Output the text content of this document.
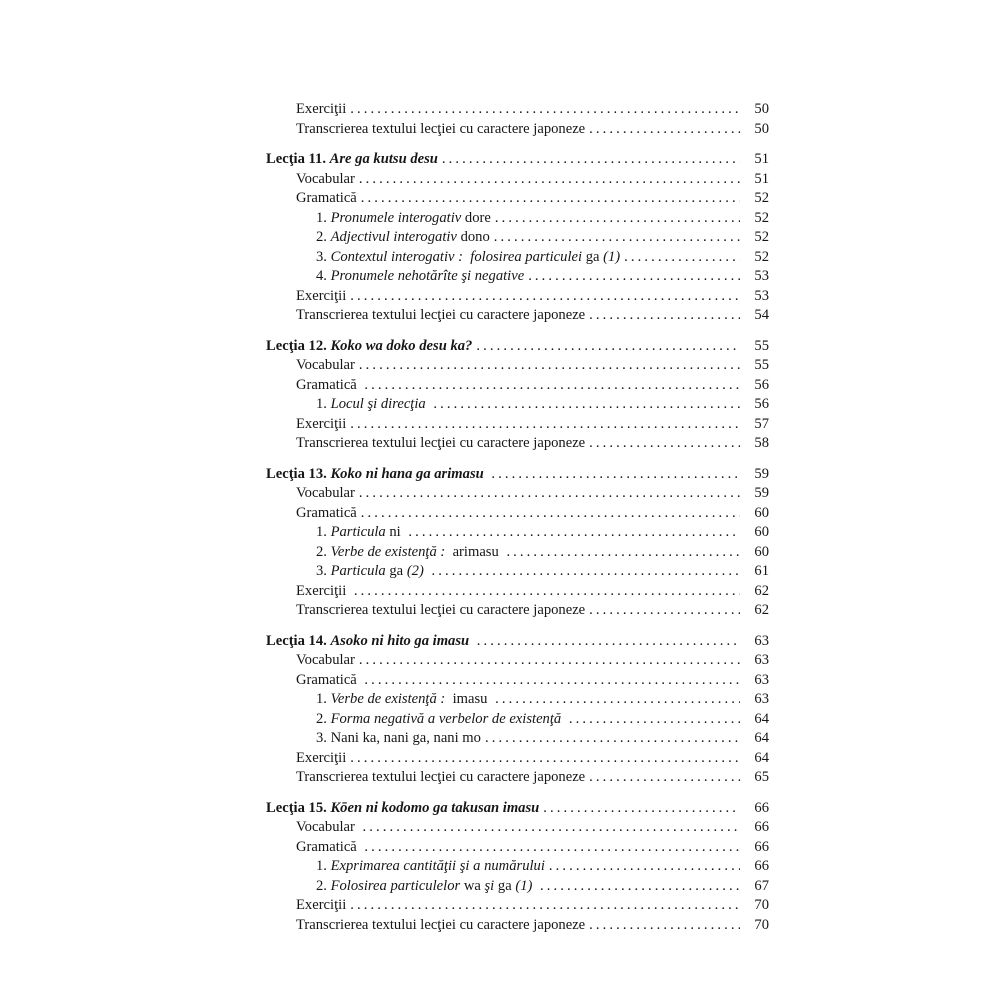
Exerciţii .....	50
Transcrierea textului lecţiei cu caractere japoneze .....	50
Lecţia 11. Are ga kutsu desu .....	51
Vocabular .....	51
Gramatică .....	52
1. Pronumele interogativ dore .....	52
2. Adjectivul interogativ dono .....	52
3. Contextul interogativ :  folosirea particulei ga (1) .....	52
4. Pronumele nehotărîte şi negative .....	53
Exerciţii .....	53
Transcrierea textului lecţiei cu caractere japoneze .....	54
Lecţia 12. Koko wa doko desu ka? .....	55
Vocabular .....	55
Gramatică .....	56
1. Locul şi direcţia .....	56
Exerciţii .....	57
Transcrierea textului lecţiei cu caractere japoneze .....	58
Lecţia 13. Koko ni hana ga arimasu .....	59
Vocabular .....	59
Gramatică .....	60
1. Particula ni .....	60
2. Verbe de existenţă :  arimasu .....	60
3. Particula ga (2) .....	61
Exerciţii .....	62
Transcrierea textului lecţiei cu caractere japoneze .....	62
Lecţia 14. Asoko ni hito ga imasu .....	63
Vocabular .....	63
Gramatică .....	63
1. Verbe de existenţă :  imasu .....	63
2. Forma negativă a verbelor de existenţă .....	64
3. Nani ka, nani ga, nani mo .....	64
Exerciţii .....	64
Transcrierea textului lecţiei cu caractere japoneze .....	65
Lecţia 15. Kōen ni kodomo ga takusan imasu .....	66
Vocabular .....	66
Gramatică .....	66
1. Exprimarea cantităţii şi a numărului .....	66
2. Folosirea particulelor wa şi ga (1) .....	67
Exerciţii .....	70
Transcrierea textului lecţiei cu caractere japoneze .....	70
